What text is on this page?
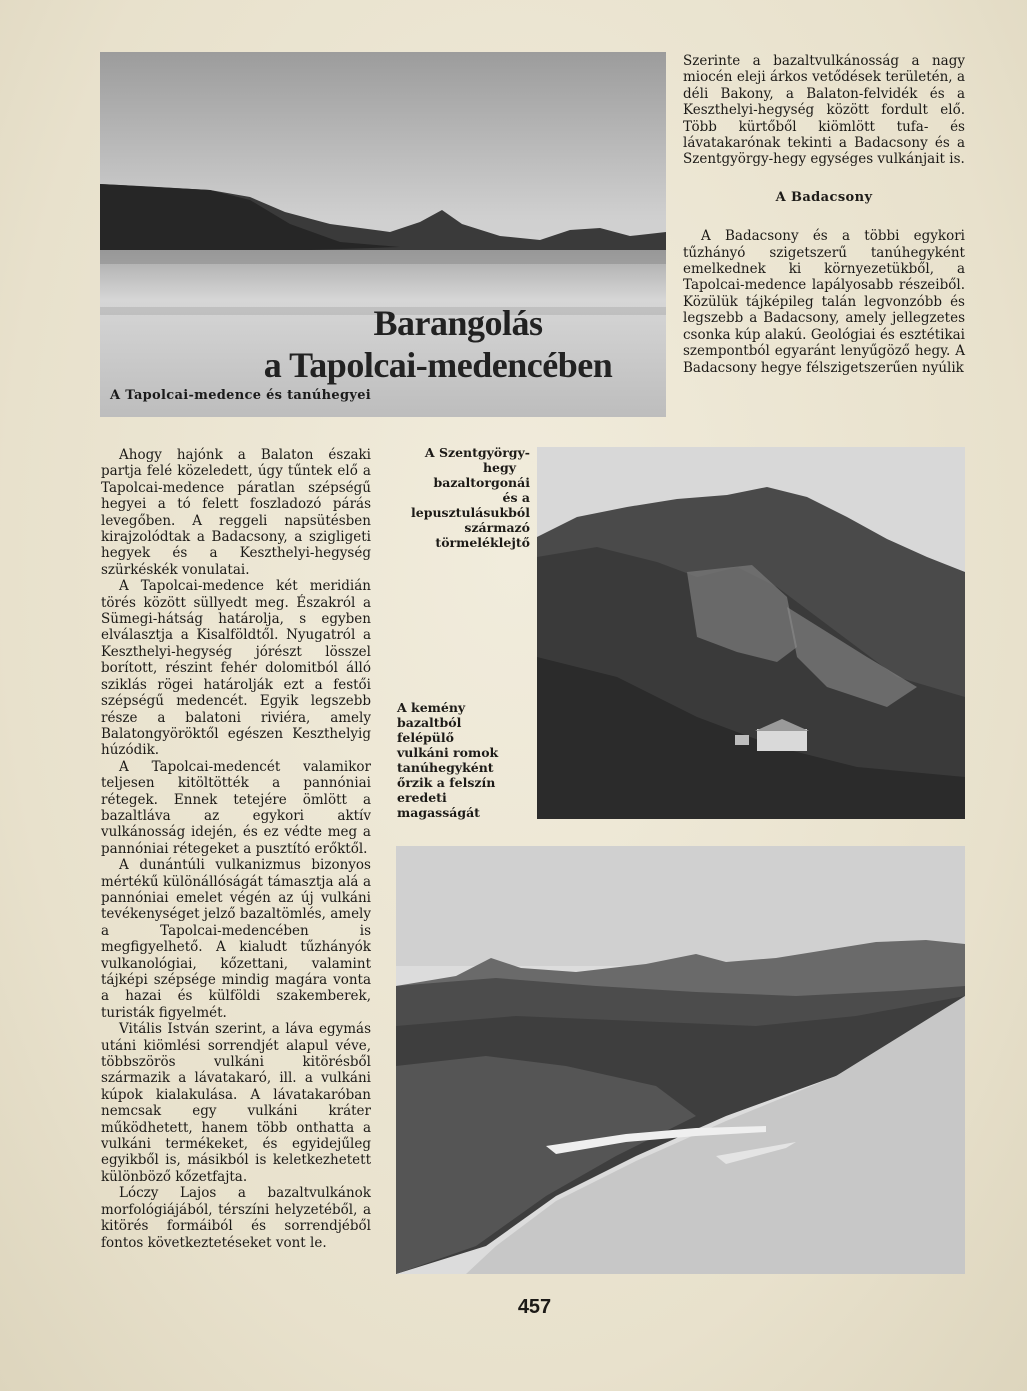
Barangolás
a Tapolcai-medencében
A Tapolcai-medence és tanúhegyei

Szerinte a bazaltvulkánosság a nagy miocén eleji árkos vetődések területén, a déli Bakony, a Balaton-felvidék és a Keszthelyi-hegység között fordult elő. Több kürtőből kiömlött tufa- és lávatakarónak tekinti a Badacsony és a Szentgyörgy-hegy egységes vulkánjait is.

A Badacsony

A Badacsony és a többi egykori tűzhányó szigetszerű tanúhegyként emelkednek ki környezetükből, a Tapolcai-medence lapályosabb részeiből. Közülük tájképileg talán legvonzóbb és legszebb a Badacsony, amely jellegzetes csonka kúp alakú. Geológiai és esztétikai szempontból egyaránt lenyűgöző hegy. A Badacsony hegye félszigetszerűen nyúlik

Ahogy hajónk a Balaton északi partja felé közeledett, úgy tűntek elő a Tapolcai-medence páratlan szépségű hegyei a tó felett foszladozó párás levegőben. A reggeli napsütésben kirajzolódtak a Badacsony, a szigligeti hegyek és a Keszthelyi-hegység szürkéskék vonulatai.

A Tapolcai-medence két meridián törés között süllyedt meg. Északról a Sümegi-hátság határolja, s egyben elválasztja a Kisalföldtől. Nyugatról a Keszthelyi-hegység jórészt lösszel borított, részint fehér dolomitból álló sziklás rögei határolják ezt a festői szépségű medencét. Egyik legszebb része a balatoni riviéra, amely Balatongyöröktől egészen Keszthelyig húzódik.

A Tapolcai-medencét valamikor teljesen kitöltötték a pannóniai rétegek. Ennek tetejére ömlött a bazaltláva az egykori aktív vulkánosság idején, és ez védte meg a pannóniai rétegeket a pusztító erőktől.

A dunántúli vulkanizmus bizonyos mértékű különállóságát támasztja alá a pannóniai emelet végén az új vulkáni tevékenységet jelző bazaltömlés, amely a Tapolcai-medencében is megfigyelhető. A kialudt tűzhányók vulkanológiai, kőzettani, valamint tájképi szépsége mindig magára vonta a hazai és külföldi szakemberek, turisták figyelmét.

Vitális István szerint, a láva egymás utáni kiömlési sorrendjét alapul véve, többszörös vulkáni kitörésből származik a lávatakaró, ill. a vulkáni kúpok kialakulása. A lávatakaróban nemcsak egy vulkáni kráter működhetett, hanem több onthatta a vulkáni termékeket, és egyidejűleg egyikből is, másikból is keletkezhetett különböző kőzetfajta.

Lóczy Lajos a bazaltvulkánok morfológiájából, térszíni helyzetéből, a kitörés formáiból és sorrendjéből fontos következtetéseket vont le.

A Szentgyörgy-
hegy
bazaltorgonái
és a
lepusztulásukból
származó
törmeléklejtő
A kemény
bazaltból
felépülő
vulkáni romok
tanúhegyként
őrzik a felszín
eredeti
magasságát
457
